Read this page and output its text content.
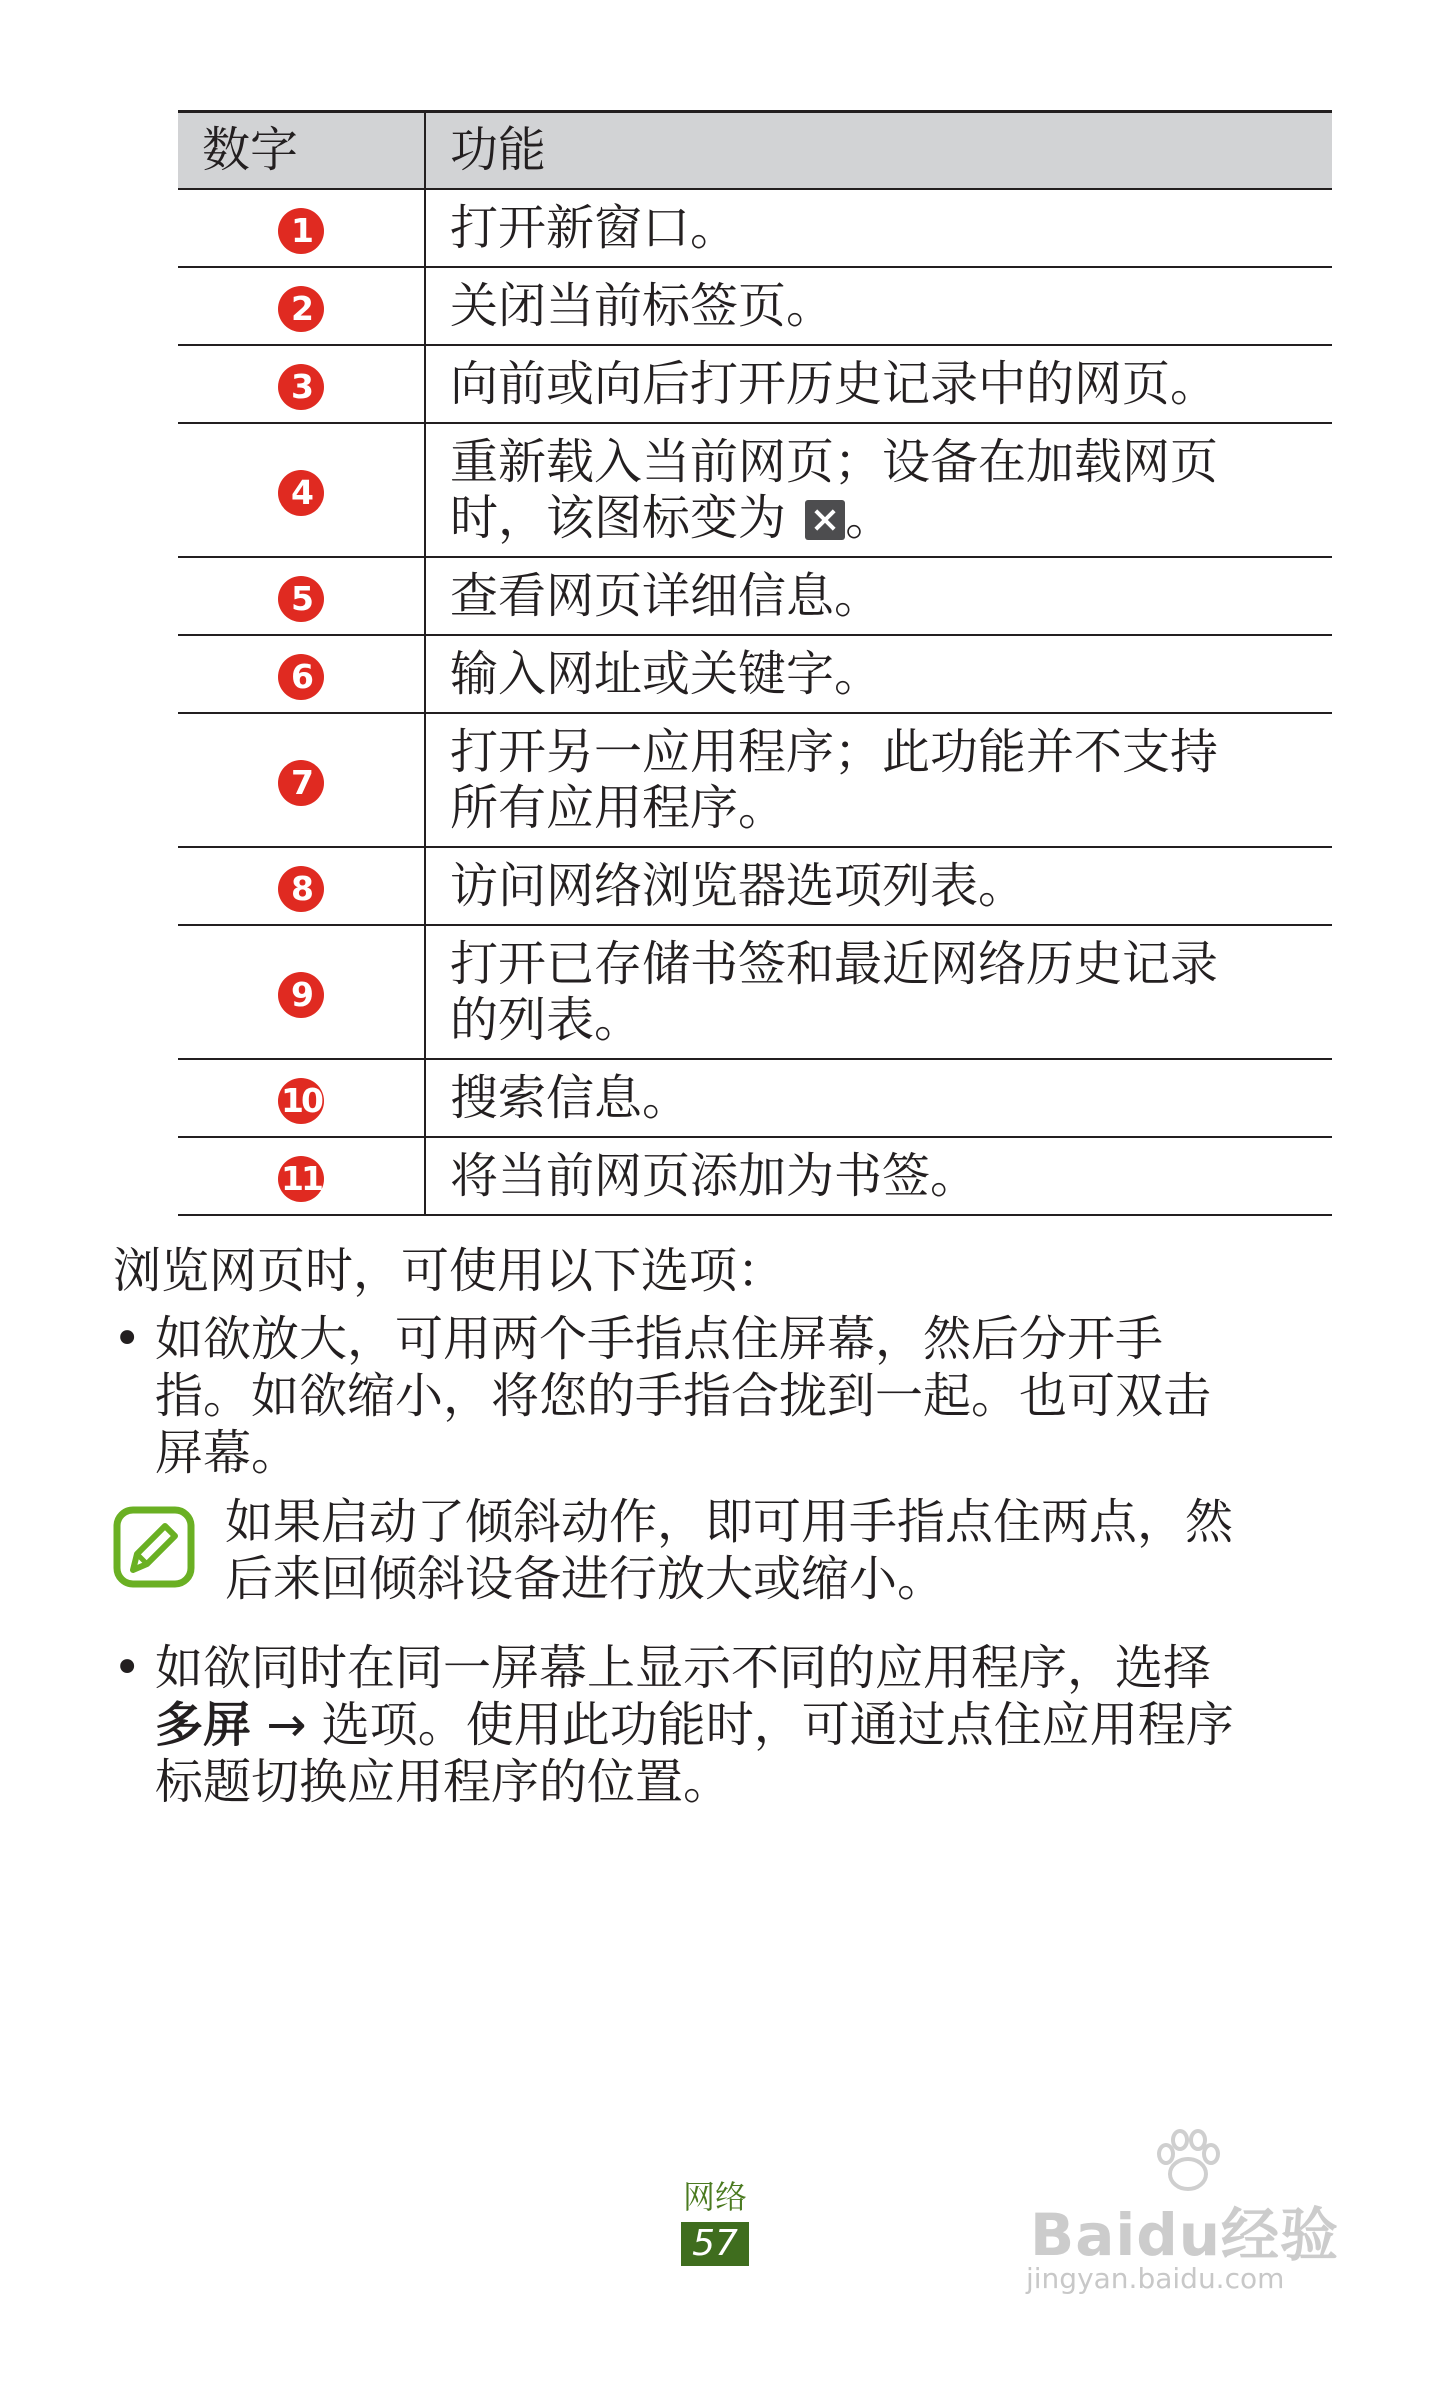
数字	功能
1	打开新窗口。
2	关闭当前标签页。
3	向前或向后打开历史记录中的网页。
4	重新载入当前网页；设备在加载网页
时，该图标变为 。
5	查看网页详细信息。
6	输入网址或关键字。
7	打开另一应用程序；此功能并不支持
所有应用程序。
8	访问网络浏览器选项列表。
9	打开已存储书签和最近网络历史记录
的列表。
10	搜索信息。
11	将当前网页添加为书签。
浏览网页时，可使用以下选项：
• 如欲放大，可用两个手指点住屏幕，然后分开手
指。如欲缩小，将您的手指合拢到一起。也可双击
屏幕。
如果启动了倾斜动作，即可用手指点住两点，然
后来回倾斜设备进行放大或缩小。
• 如欲同时在同一屏幕上显示不同的应用程序，选择
多屏 → 选项。使用此功能时，可通过点住应用程序
标题切换应用程序的位置。
网络
57	Baidu经验
jingyan.baidu.com
